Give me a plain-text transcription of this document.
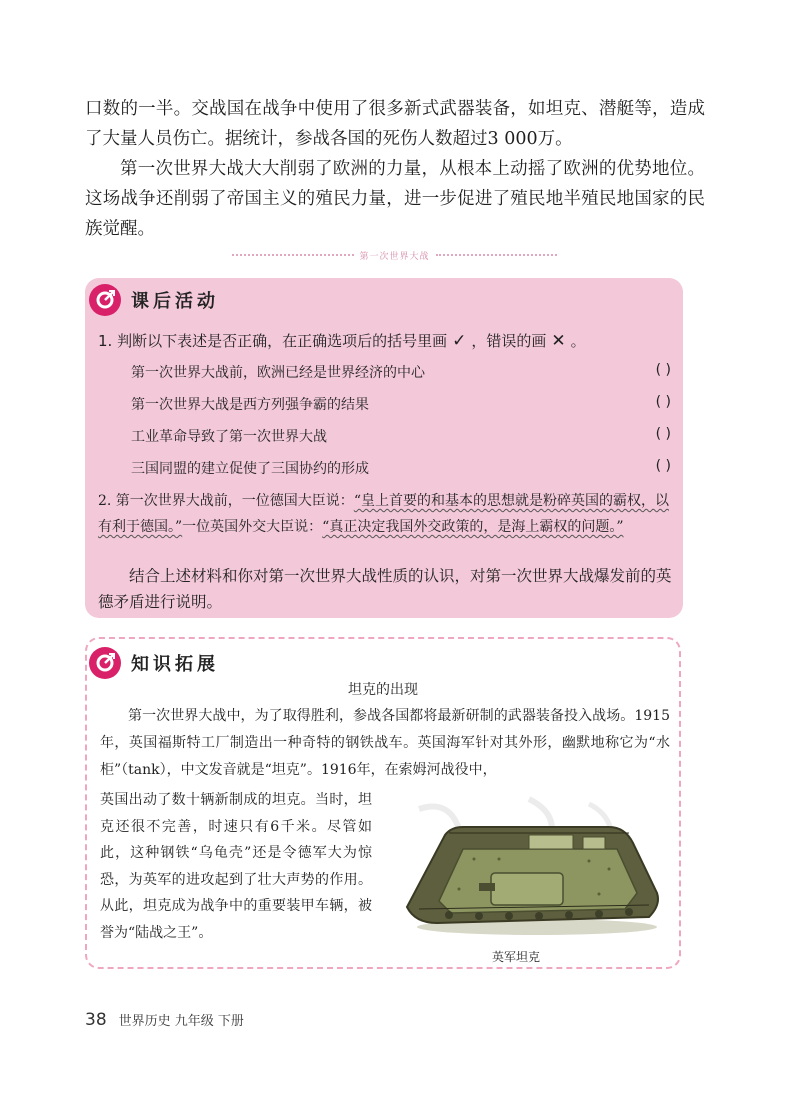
口数的一半。交战国在战争中使用了很多新式武器装备，如坦克、潜艇等，造成了大量人员伤亡。据统计，参战各国的死伤人数超过3 000万。

第一次世界大战大大削弱了欧洲的力量，从根本上动摇了欧洲的优势地位。这场战争还削弱了帝国主义的殖民力量，进一步促进了殖民地半殖民地国家的民族觉醒。

第一次世界大战
课后活动
1. 判断以下表述是否正确，在正确选项后的括号里画 ✓ ，错误的画 ✕ 。
第一次世界大战前，欧洲已经是世界经济的中心	( )
第一次世界大战是西方列强争霸的结果	( )
工业革命导致了第一次世界大战	( )
三国同盟的建立促使了三国协约的形成	( )
2. 第一次世界大战前，一位德国大臣说：“皇上首要的和基本的思想就是粉碎英国的霸权，以有利于德国。”一位英国外交大臣说：“真正决定我国外交政策的，是海上霸权的问题。”
结合上述材料和你对第一次世界大战性质的认识，对第一次世界大战爆发前的英德矛盾进行说明。
知识拓展
坦克的出现
第一次世界大战中，为了取得胜利，参战各国都将最新研制的武器装备投入战场。1915年，英国福斯特工厂制造出一种奇特的钢铁战车。英国海军针对其外形，幽默地称它为“水柜”（tank），中文发音就是“坦克”。1916年，在索姆河战役中，
英国出动了数十辆新制成的坦克。当时，坦克还很不完善，时速只有6千米。尽管如此，这种钢铁“乌龟壳”还是令德军大为惊恐，为英军的进攻起到了壮大声势的作用。从此，坦克成为战争中的重要装甲车辆，被誉为“陆战之王”。
英军坦克
38 世界历史 九年级 下册
